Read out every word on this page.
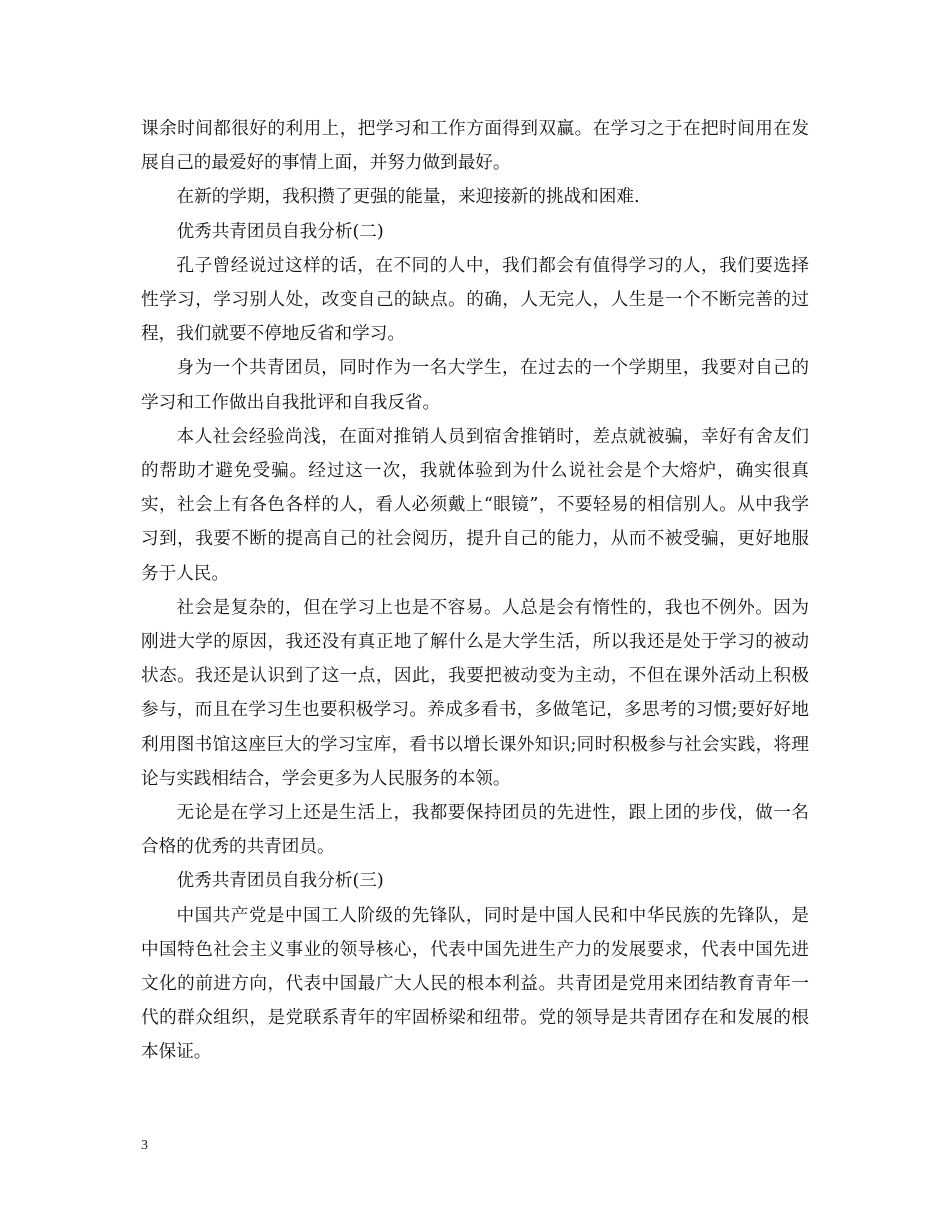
课余时间都很好的利用上，把学习和工作方面得到双赢。在学习之于在把时间用在发展自己的最爱好的事情上面，并努力做到最好。

在新的学期，我积攒了更强的能量，来迎接新的挑战和困难.

优秀共青团员自我分析(二)

孔子曾经说过这样的话，在不同的人中，我们都会有值得学习的人，我们要选择性学习，学习别人处，改变自己的缺点。的确，人无完人，人生是一个不断完善的过程，我们就要不停地反省和学习。

身为一个共青团员，同时作为一名大学生，在过去的一个学期里，我要对自己的学习和工作做出自我批评和自我反省。

本人社会经验尚浅，在面对推销人员到宿舍推销时，差点就被骗，幸好有舍友们的帮助才避免受骗。经过这一次，我就体验到为什么说社会是个大熔炉，确实很真实，社会上有各色各样的人，看人必须戴上“眼镜”，不要轻易的相信别人。从中我学习到，我要不断的提高自己的社会阅历，提升自己的能力，从而不被受骗，更好地服务于人民。

社会是复杂的，但在学习上也是不容易。人总是会有惰性的，我也不例外。因为刚进大学的原因，我还没有真正地了解什么是大学生活，所以我还是处于学习的被动状态。我还是认识到了这一点，因此，我要把被动变为主动，不但在课外活动上积极参与，而且在学习生也要积极学习。养成多看书，多做笔记，多思考的习惯;要好好地利用图书馆这座巨大的学习宝库，看书以增长课外知识;同时积极参与社会实践，将理论与实践相结合，学会更多为人民服务的本领。

无论是在学习上还是生活上，我都要保持团员的先进性，跟上团的步伐，做一名合格的优秀的共青团员。

优秀共青团员自我分析(三)

中国共产党是中国工人阶级的先锋队，同时是中国人民和中华民族的先锋队，是中国特色社会主义事业的领导核心，代表中国先进生产力的发展要求，代表中国先进文化的前进方向，代表中国最广大人民的根本利益。共青团是党用来团结教育青年一代的群众组织，是党联系青年的牢固桥梁和纽带。党的领导是共青团存在和发展的根本保证。

3
